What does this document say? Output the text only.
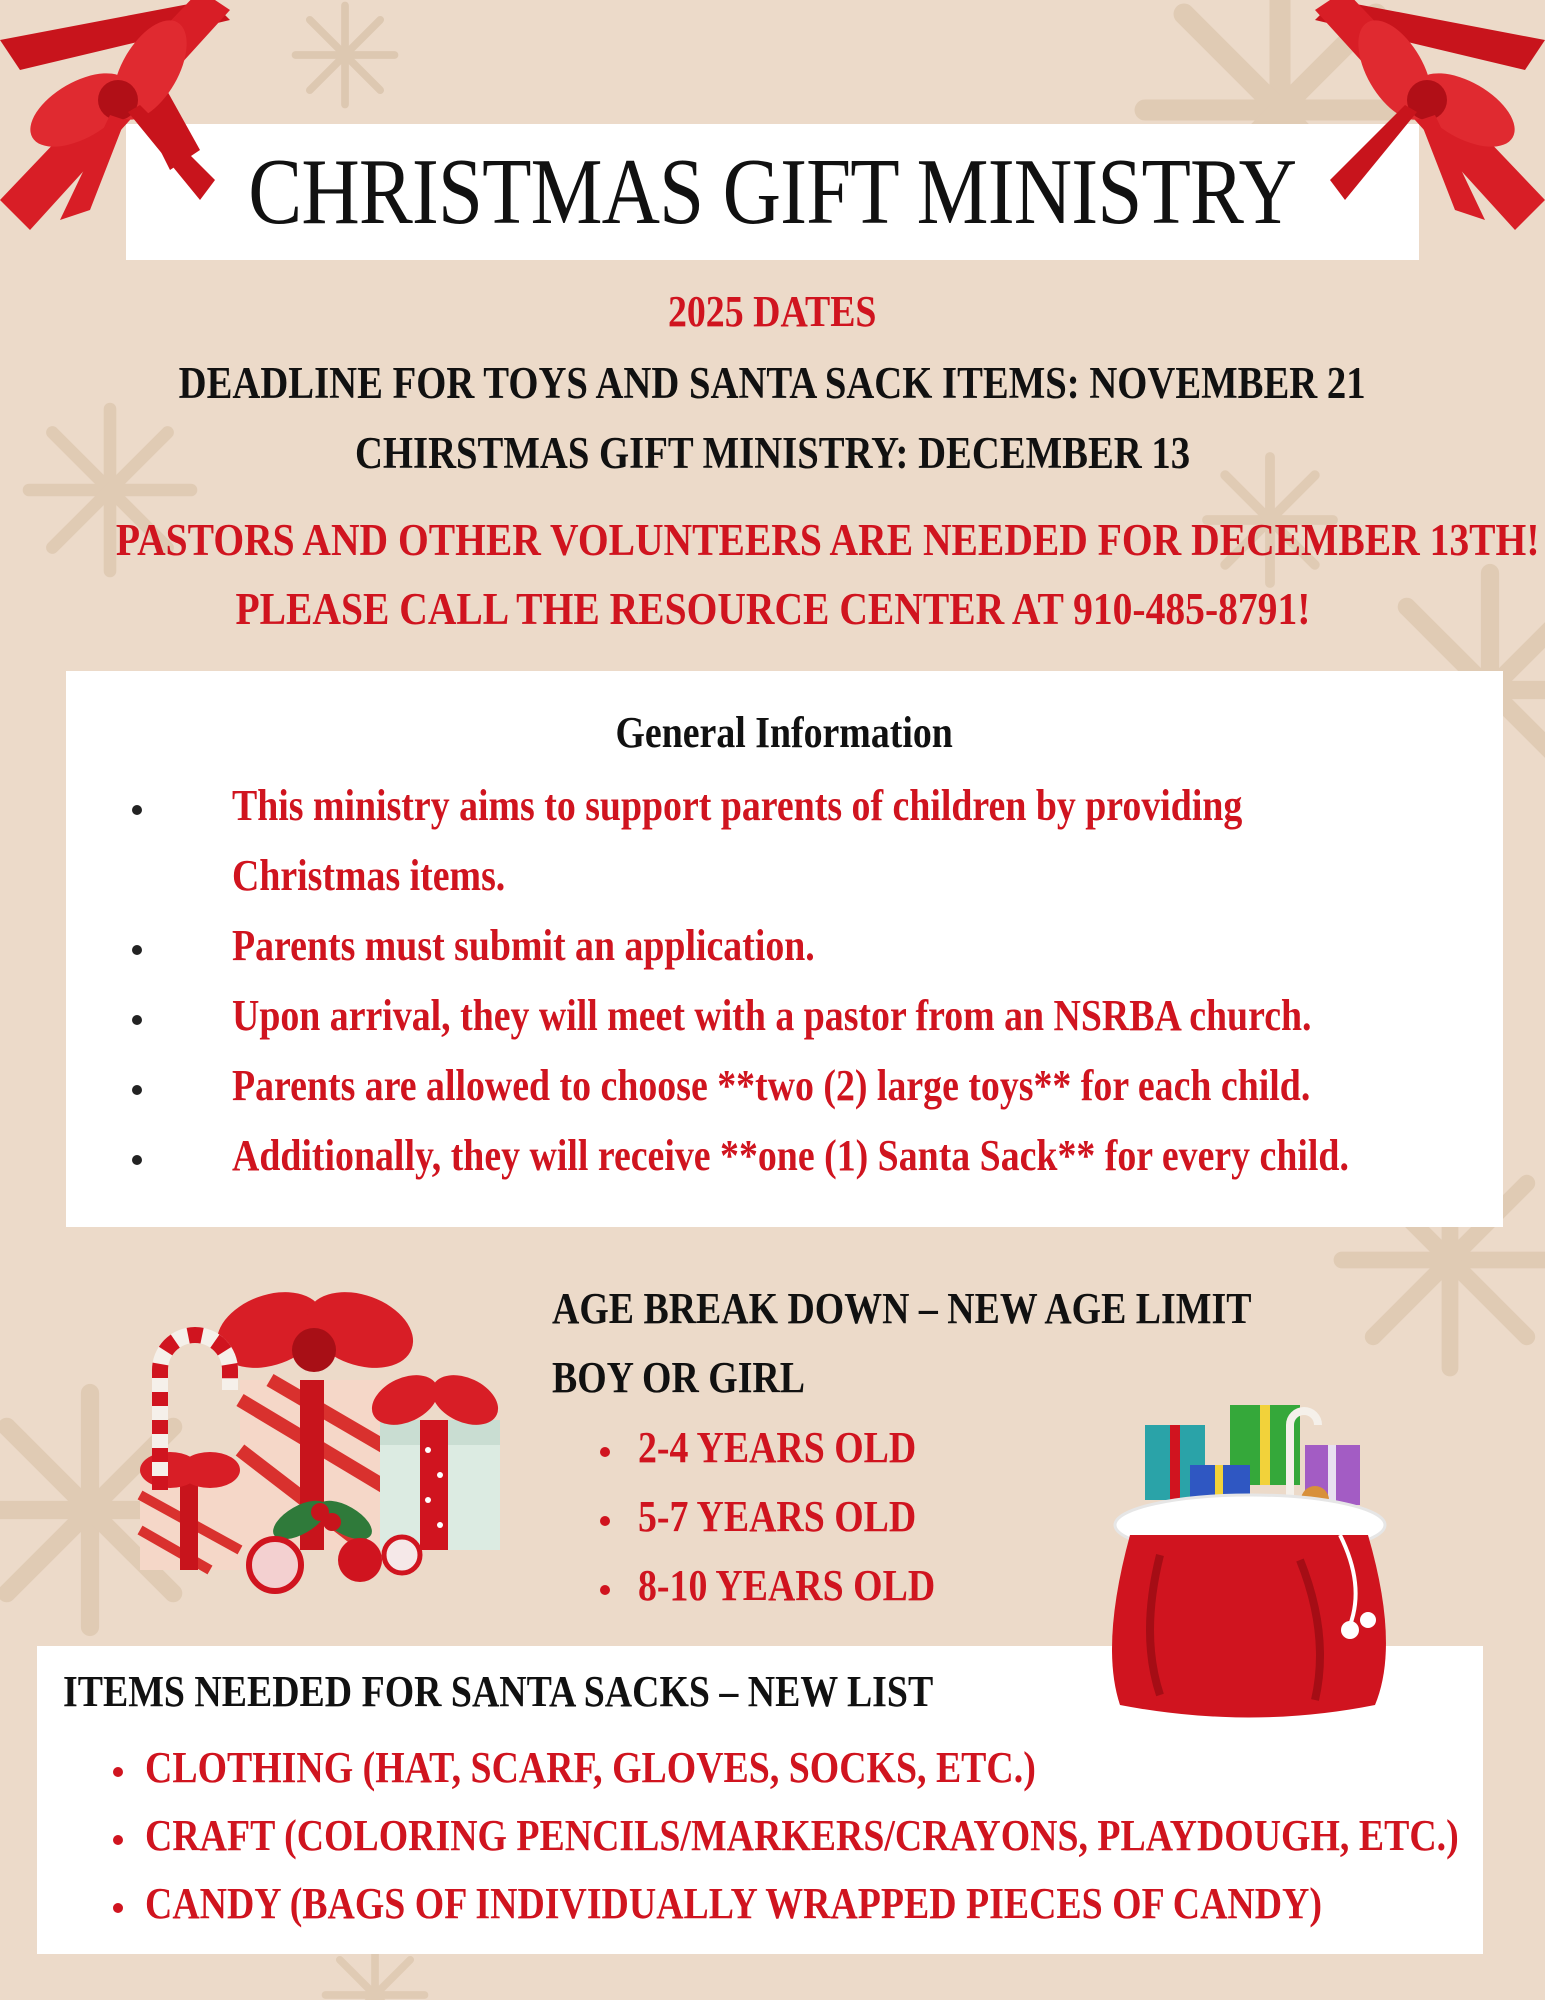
CHRISTMAS GIFT MINISTRY
2025 DATES
DEADLINE FOR TOYS AND SANTA SACK ITEMS: NOVEMBER 21
CHIRSTMAS GIFT MINISTRY: DECEMBER 13
PASTORS AND OTHER VOLUNTEERS ARE NEEDED FOR DECEMBER 13TH!
PLEASE CALL THE RESOURCE CENTER AT 910-485-8791!
General Information
This ministry aims to support parents of children by providing
Christmas items.
Parents must submit an application.
Upon arrival, they will meet with a pastor from an NSRBA church.
Parents are allowed to choose **two (2) large toys** for each child.
Additionally, they will receive **one (1) Santa Sack** for every child.
AGE BREAK DOWN – NEW AGE LIMIT
BOY OR GIRL
2-4 YEARS OLD
5-7 YEARS OLD
8-10 YEARS OLD
ITEMS NEEDED FOR SANTA SACKS – NEW LIST
CLOTHING (HAT, SCARF, GLOVES, SOCKS, ETC.)
CRAFT (COLORING PENCILS/MARKERS/CRAYONS, PLAYDOUGH, ETC.)
CANDY (BAGS OF INDIVIDUALLY WRAPPED PIECES OF CANDY)
